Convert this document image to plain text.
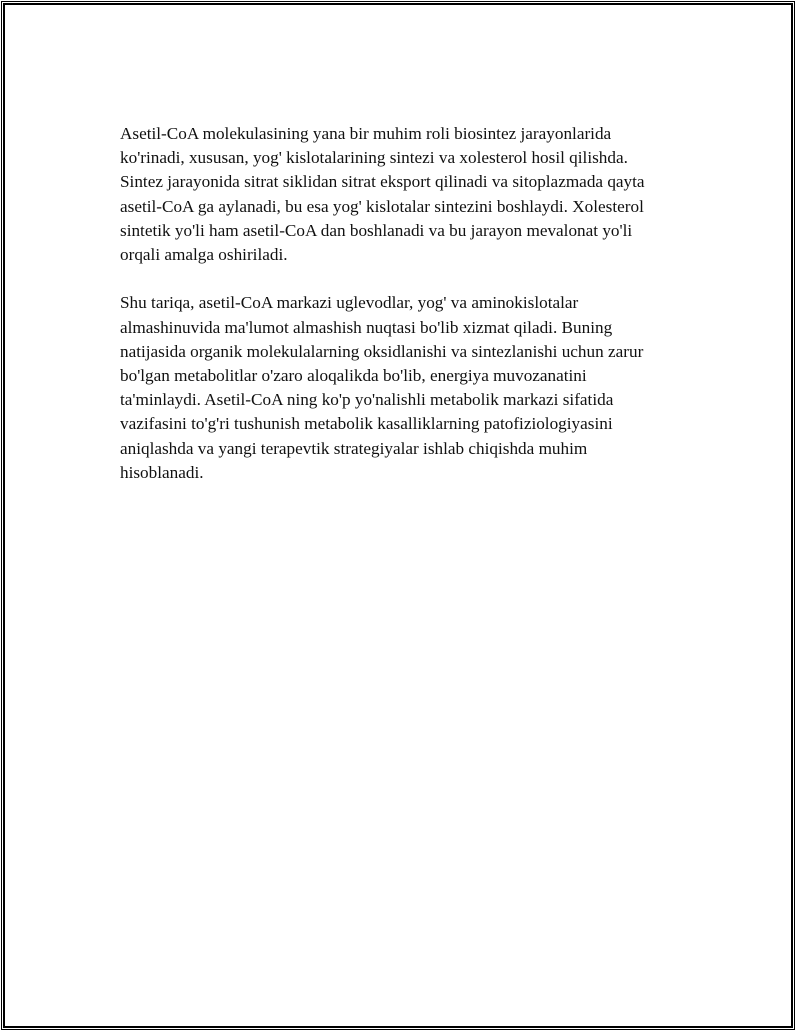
Asetil-CoA molekulasining yana bir muhim roli biosintez jarayonlarida
ko'rinadi, xususan, yog' kislotalarining sintezi va xolesterol hosil qilishda.
Sintez jarayonida sitrat siklidan sitrat eksport qilinadi va sitoplazmada qayta
asetil-CoA ga aylanadi, bu esa yog' kislotalar sintezini boshlaydi. Xolesterol
sintetik yo'li ham asetil-CoA dan boshlanadi va bu jarayon mevalonat yo'li
orqali amalga oshiriladi.

Shu tariqa, asetil-CoA markazi uglevodlar, yog' va aminokislotalar
almashinuvida ma'lumot almashish nuqtasi bo'lib xizmat qiladi. Buning
natijasida organik molekulalarning oksidlanishi va sintezlanishi uchun zarur
bo'lgan metabolitlar o'zaro aloqalikda bo'lib, energiya muvozanatini
ta'minlaydi. Asetil-CoA ning ko'p yo'nalishli metabolik markazi sifatida
vazifasini to'g'ri tushunish metabolik kasalliklarning patofiziologiyasini
aniqlashda va yangi terapevtik strategiyalar ishlab chiqishda muhim
hisoblanadi.
